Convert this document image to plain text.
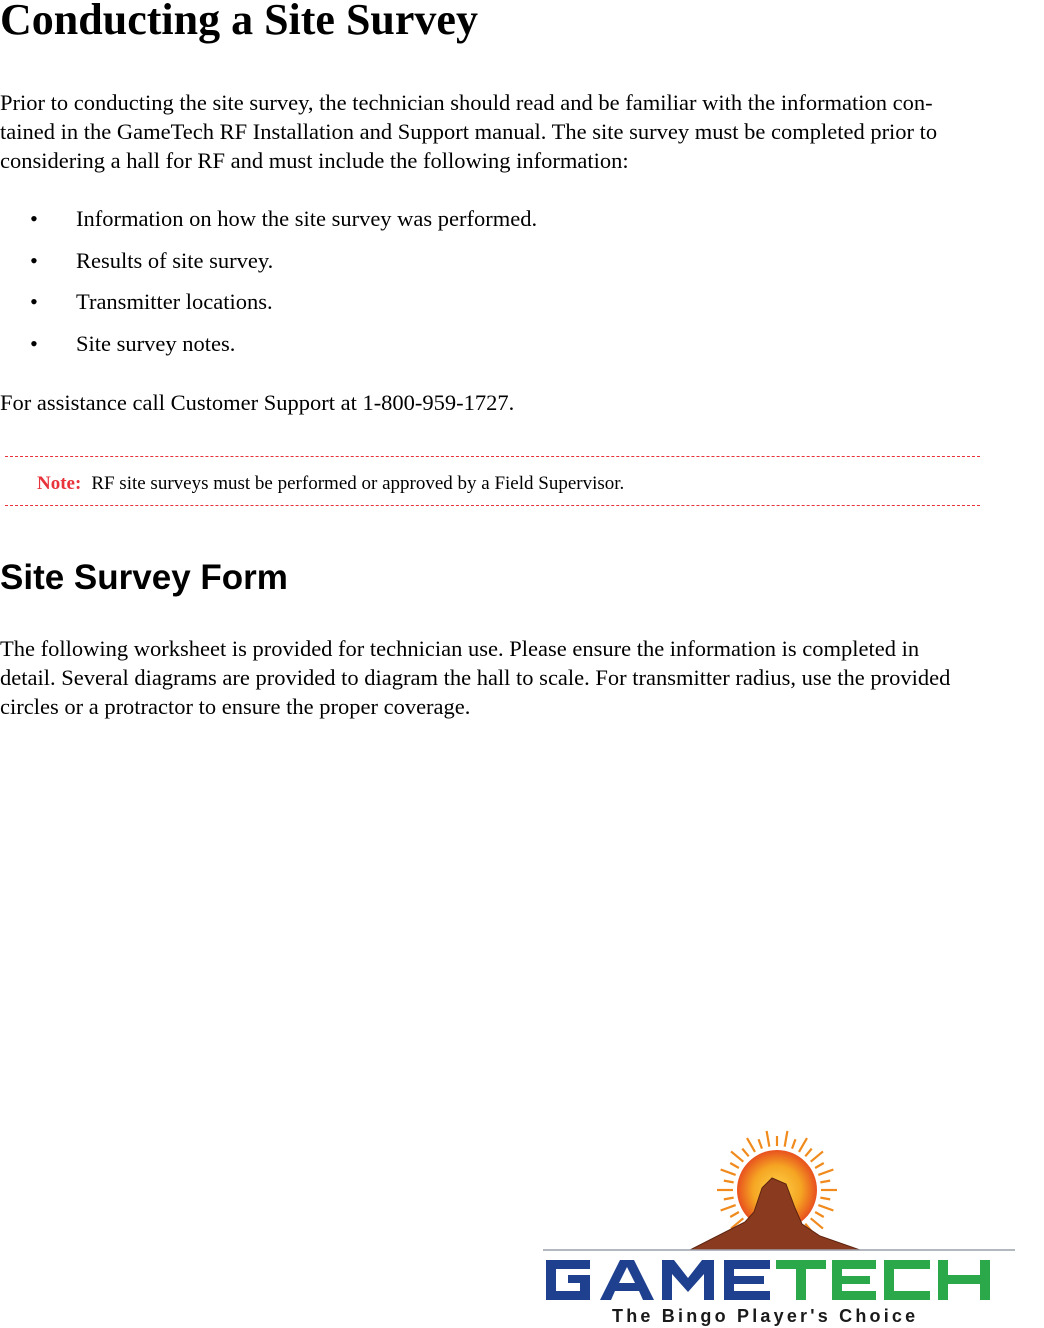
Conducting a Site Survey

Prior to conducting the site survey, the technician should read and be familiar with the information con-
tained in the GameTech RF Installation and Support manual. The site survey must be completed prior to
considering a hall for RF and must include the following information:

• Information on how the site survey was performed.
• Results of site survey.
• Transmitter locations.
• Site survey notes.

For assistance call Customer Support at 1-800-959-1727.

Note: RF site surveys must be performed or approved by a Field Supervisor.
Site Survey Form

The following worksheet is provided for technician use. Please ensure the information is completed in
detail. Several diagrams are provided to diagram the hall to scale. For transmitter radius, use the provided
circles or a protractor to ensure the proper coverage.

The Bingo Player's Choice
